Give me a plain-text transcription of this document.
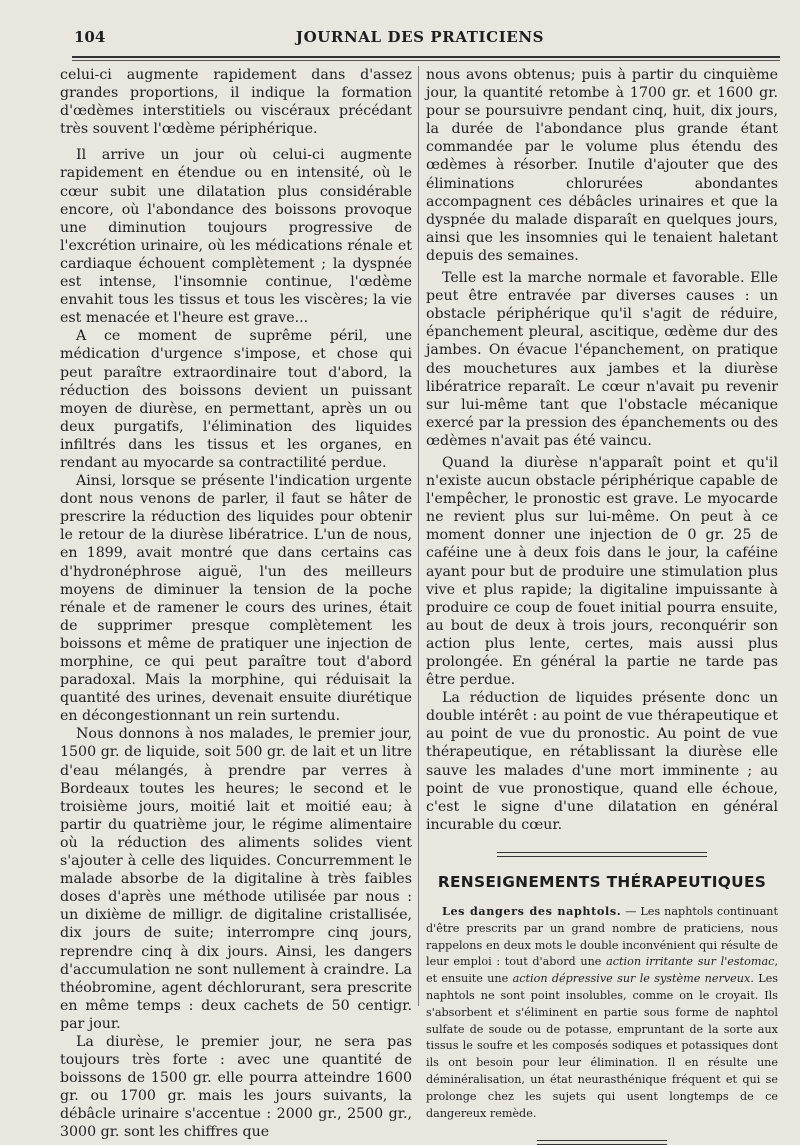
104	JOURNAL DES PRATICIENS

celui-ci augmente rapidement dans d'assez grandes proportions, il indique la formation d'œdèmes interstitiels ou viscéraux précédant très souvent l'œdème périphérique.

Il arrive un jour où celui-ci augmente rapidement en étendue ou en intensité, où le cœur subit une dilatation plus considérable encore, où l'abondance des boissons provoque une diminution toujours progressive de l'excrétion urinaire, où les médications rénale et cardiaque échouent complètement ; la dyspnée est intense, l'insomnie continue, l'œdème envahit tous les tissus et tous les viscères; la vie est menacée et l'heure est grave...

A ce moment de suprême péril, une médication d'urgence s'impose, et chose qui peut paraître extraordinaire tout d'abord, la réduction des boissons devient un puissant moyen de diurèse, en permettant, après un ou deux purgatifs, l'élimination des liquides infiltrés dans les tissus et les organes, en rendant au myocarde sa contractilité perdue.

Ainsi, lorsque se présente l'indication urgente dont nous venons de parler, il faut se hâter de prescrire la réduction des liquides pour obtenir le retour de la diurèse libératrice. L'un de nous, en 1899, avait montré que dans certains cas d'hydronéphrose aiguë, l'un des meilleurs moyens de diminuer la tension de la poche rénale et de ramener le cours des urines, était de supprimer presque complètement les boissons et même de pratiquer une injection de morphine, ce qui peut paraître tout d'abord paradoxal. Mais la morphine, qui réduisait la quantité des urines, devenait ensuite diurétique en décongestionnant un rein surtendu.

Nous donnons à nos malades, le premier jour, 1500 gr. de liquide, soit 500 gr. de lait et un litre d'eau mélangés, à prendre par verres à Bordeaux toutes les heures; le second et le troisième jours, moitié lait et moitié eau; à partir du quatrième jour, le régime alimentaire où la réduction des aliments solides vient s'ajouter à celle des liquides. Concurremment le malade absorbe de la digitaline à très faibles doses d'après une méthode utilisée par nous : un dixième de milligr. de digitaline cristallisée, dix jours de suite; interrompre cinq jours, reprendre cinq à dix jours. Ainsi, les dangers d'accumulation ne sont nullement à craindre. La théobromine, agent déchlorurant, sera prescrite en même temps : deux cachets de 50 centigr. par jour.

La diurèse, le premier jour, ne sera pas toujours très forte : avec une quantité de boissons de 1500 gr. elle pourra atteindre 1600 gr. ou 1700 gr. mais les jours suivants, la débâcle urinaire s'accentue : 2000 gr., 2500 gr., 3000 gr. sont les chiffres que

nous avons obtenus; puis à partir du cinquième jour, la quantité retombe à 1700 gr. et 1600 gr. pour se poursuivre pendant cinq, huit, dix jours, la durée de l'abondance plus grande étant commandée par le volume plus étendu des œdèmes à résorber. Inutile d'ajouter que des éliminations chlorurées abondantes accompagnent ces débâcles urinaires et que la dyspnée du malade disparaît en quelques jours, ainsi que les insomnies qui le tenaient haletant depuis des semaines.

Telle est la marche normale et favorable. Elle peut être entravée par diverses causes : un obstacle périphérique qu'il s'agit de réduire, épanchement pleural, ascitique, œdème dur des jambes. On évacue l'épanchement, on pratique des mouchetures aux jambes et la diurèse libératrice reparaît. Le cœur n'avait pu revenir sur lui-même tant que l'obstacle mécanique exercé par la pression des épanchements ou des œdèmes n'avait pas été vaincu.

Quand la diurèse n'apparaît point et qu'il n'existe aucun obstacle périphérique capable de l'empêcher, le pronostic est grave. Le myocarde ne revient plus sur lui-même. On peut à ce moment donner une injection de 0 gr. 25 de caféine une à deux fois dans le jour, la caféine ayant pour but de produire une stimulation plus vive et plus rapide; la digitaline impuissante à produire ce coup de fouet initial pourra ensuite, au bout de deux à trois jours, reconquérir son action plus lente, certes, mais aussi plus prolongée. En général la partie ne tarde pas être perdue.

La réduction de liquides présente donc un double intérêt : au point de vue thérapeutique et au point de vue du pronostic. Au point de vue thérapeutique, en rétablissant la diurèse elle sauve les malades d'une mort imminente ; au point de vue pronostique, quand elle échoue, c'est le signe d'une dilatation en général incurable du cœur.

RENSEIGNEMENTS THÉRAPEUTIQUES

Les dangers des naphtols. — Les naphtols continuant d'être prescrits par un grand nombre de praticiens, nous rappelons en deux mots le double inconvénient qui résulte de leur emploi : tout d'abord une action irritante sur l'estomac, et ensuite une action dépressive sur le système nerveux. Les naphtols ne sont point insolubles, comme on le croyait. Ils s'absorbent et s'éliminent en partie sous forme de naphtol sulfate de soude ou de potasse, empruntant de la sorte aux tissus le soufre et les composés sodiques et potassiques dont ils ont besoin pour leur élimination. Il en résulte une déminéralisation, un état neurasthénique fréquent et qui se prolonge chez les sujets qui usent longtemps de ce dangereux remède.
